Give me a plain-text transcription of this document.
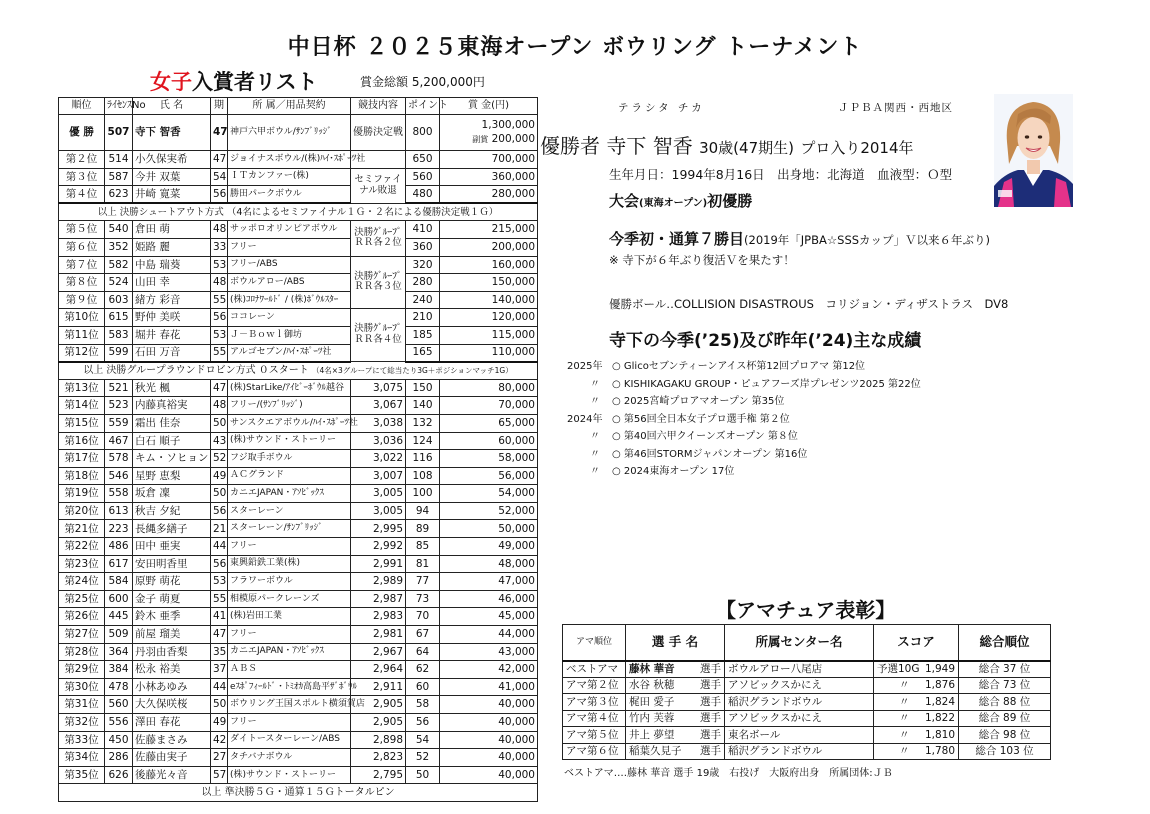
中日杯 ２０２５東海オープン ボウリング トーナメント
女子入賞者リスト	賞金総額 5,200,000円
順位	ﾗｲｾﾝｽNo	氏 名	期	所 属／用品契約	競技内容	ポイント	賞 金(円)
優 勝	507	寺下 智香	47	神戸六甲ボウル/ｻﾝﾌﾞﾘｯｼﾞ	優勝決定戦	800	1,300,000
副賞 200,000

第２位	514	小久保実希	47	ジョイナスボウル/(株)ﾊｲ･ｽﾎﾟｰﾂ社		650	700,000
第３位	587	今井 双葉	54	ＩＴカンファー(株)	セミファイナル敗退	560	360,000
第４位	623	井崎 寛菜	56	勝田パークボウル		480	280,000
以上 決勝シュートアウト方式 （4名によるセミファイナル１Ｇ・２名による優勝決定戦１Ｇ）							
第５位	540	倉田 萌	48	サッポロオリンピアボウル	決勝ｸﾞﾙｰﾌﾟＲＲ各２位	410	215,000
第６位	352	姫路 麗	33	フリー		360	200,000
第７位	582	中島 瑞葵	53	フリー/ABS	決勝ｸﾞﾙｰﾌﾟＲＲ各３位	320	160,000
第８位	524	山田 幸	48	ボウルアロー/ABS		280	150,000
第９位	603	緒方 彩音	55	(株)ｺﾛﾅﾜｰﾙﾄﾞ / (株)ﾎﾞｳﾙｽﾀｰ		240	140,000
第10位	615	野仲 美咲	56	ココレーン	決勝ｸﾞﾙｰﾌﾟＲＲ各４位	210	120,000
第11位	583	堀井 春花	53	Ｊ－Ｂｏｗｌ御坊		185	115,000
第12位	599	石田 万音	55	アルゴセブン/ﾊｲ･ｽﾎﾟｰﾂ社		165	110,000
以上 決勝グループラウンドロビン方式 ０スタート （4名×3グループにて総当たり3G＋ポジションマッチ1G）							
第13位	521	秋光 楓	47	(株)StarLike/ｱｲﾋﾞｰﾎﾞｳﾙ越谷	3,075	150	80,000
第14位	523	内藤真裕実	48	フリー/(ｻﾝﾌﾞﾘｯｼﾞ)	3,067	140	70,000
第15位	559	霜出 佳奈	50	サンスクエアボウル/ﾊｲ･ｽﾎﾟｰﾂ社	3,038	132	65,000
第16位	467	白石 順子	43	(株)サウンド・ストーリー	3,036	124	60,000
第17位	578	キム・ソヒョン	52	フジ取手ボウル	3,022	116	58,000
第18位	546	星野 恵梨	49	ＡＣグランド	3,007	108	56,000
第19位	558	坂倉 凜	50	カニエJAPAN・ｱｿﾋﾞｯｸｽ	3,005	100	54,000
第20位	613	秋吉 夕紀	56	スターレーン	3,005	94	52,000
第21位	223	長縄多繕子	21	スターレーン/ｻﾝﾌﾞﾘｯｼﾞ	2,995	89	50,000
第22位	486	田中 亜実	44	フリー	2,992	85	49,000
第23位	617	安田明香里	56	東興鉛鉄工業(株)	2,991	81	48,000
第24位	584	原野 萌花	53	フラワーボウル	2,989	77	47,000
第25位	600	金子 萌夏	55	相模原パークレーンズ	2,987	73	46,000
第26位	445	鈴木 亜季	41	(株)岩田工業	2,983	70	45,000
第27位	509	前屋 瑠美	47	フリー	2,981	67	44,000
第28位	364	丹羽由香梨	35	カニエJAPAN・ｱｿﾋﾞｯｸｽ	2,967	64	43,000
第29位	384	松永 裕美	37	ＡＢＳ	2,964	62	42,000
第30位	478	小林あゆみ	44	eｽﾎﾟﾌｨｰﾙﾄﾞ・ﾄﾐｵｶ高島平ｻﾞﾎﾞｳﾙ	2,911	60	41,000
第31位	560	大久保咲桜	50	ボウリング王国スポルト横須賀店	2,905	58	40,000
第32位	556	澤田 春花	49	フリー	2,905	56	40,000
第33位	450	佐藤まさみ	42	ダイトースターレーン/ABS	2,898	54	40,000
第34位	286	佐藤由実子	27	タチバナボウル	2,823	52	40,000
第35位	626	後藤光々音	57	(株)サウンド・ストーリー	2,795	50	40,000
以上 準決勝５Ｇ・通算１５Ｇトータルピン							
テラシタ チカ	ＪＰＢＡ関西・西地区
優勝者 寺下 智香 30歳(47期生) プロ入り2014年
生年月日：1994年8月16日　出身地：北海道　血液型：Ｏ型
大会(東海オープン)初優勝
今季初・通算７勝目(2019年「JPBA☆SSSカップ」Ｖ以来６年ぶり)
※ 寺下が６年ぶり復活Ｖを果たす！
優勝ボール‥COLLISION DISASTROUS　コリジョン・ディザストラス　DV8
寺下の今季(’25)及び昨年(’24)主な成績
2025年 ○ Glicoセブンティーンアイス杯第12回プロアマ 第12位
〃 ○ KISHIKAGAKU GROUP・ピュアフーズ岸プレゼンツ2025 第22位
〃 ○ 2025宮崎プロアマオープン 第35位
2024年 ○ 第56回全日本女子プロ選手権 第２位
〃 ○ 第40回六甲クイーンズオープン 第８位
〃 ○ 第46回STORMジャパンオープン 第16位
〃 ○ 2024東海オープン 17位
【アマチュア表彰】
アマ順位	選 手 名	所属センター名	スコア	総合順位
ベストアマ	藤林 華音 選手	ボウルアロー八尾店	予選10G 1,949	総合 37 位
アマ第２位	水谷 秋穂 選手	アソビックスかにえ	〃 1,876	総合 73 位
アマ第３位	梶田 愛子 選手	稲沢グランドボウル	〃 1,824	総合 88 位
アマ第４位	竹内 芙蓉 選手	アソビックスかにえ	〃 1,822	総合 89 位
アマ第５位	井上 夢望 選手	東名ボール	〃 1,810	総合 98 位
アマ第６位	稲葉久見子 選手	稲沢グランドボウル	〃 1,780	総合 103 位
ベストアマ‥‥藤林 華音 選手 19歳　右投げ　大阪府出身　所属団体:ＪＢ
